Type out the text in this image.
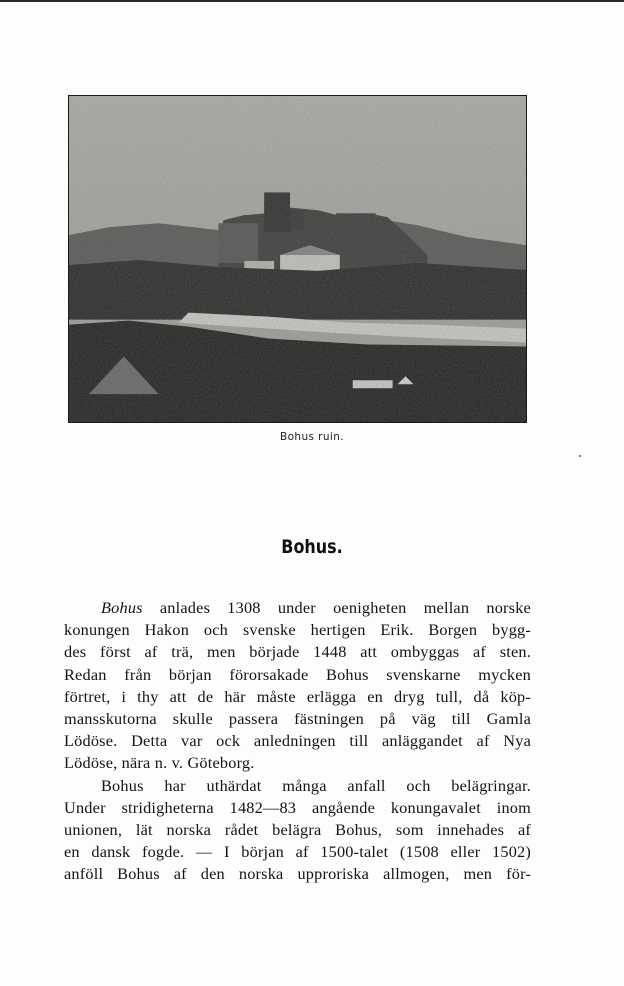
Bohus ruin.
Bohus.
Bohus anlades 1308 under oenigheten mellan norske
konungen Hakon och svenske hertigen Erik. Borgen bygg-
des först af trä, men började 1448 att ombyggas af sten.
Redan från början förorsakade Bohus svenskarne mycken
förtret, i thy att de här måste erlägga en dryg tull, då köp-
mansskutorna skulle passera fästningen på väg till Gamla
Lödöse. Detta var ock anledningen till anläggandet af Nya
Lödöse, nära n. v. Göteborg.
Bohus har uthärdat många anfall och belägringar.
Under stridigheterna 1482—83 angående konungavalet inom
unionen, lät norska rådet belägra Bohus, som innehades af
en dansk fogde. — I början af 1500-talet (1508 eller 1502)
anföll Bohus af den norska upproriska allmogen, men för-
